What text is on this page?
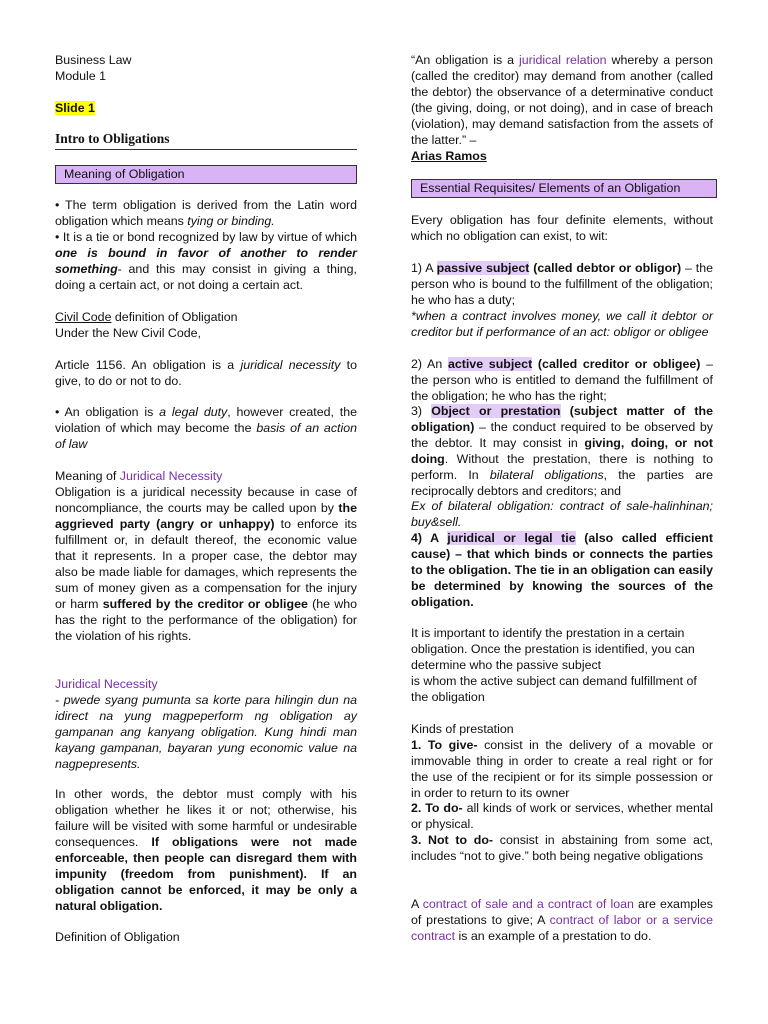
Business Law

Module 1

Slide 1

Intro to Obligations

Meaning of Obligation

• The term obligation is derived from the Latin word obligation which means tying or binding.

• It is a tie or bond recognized by law by virtue of which one is bound in favor of another to render something- and this may consist in giving a thing, doing a certain act, or not doing a certain act.

Civil Code definition of Obligation

Under the New Civil Code,

Article 1156. An obligation is a juridical necessity to give, to do or not to do.

• An obligation is a legal duty, however created, the violation of which may become the basis of an action of law

Meaning of Juridical Necessity

Obligation is a juridical necessity because in case of noncompliance, the courts may be called upon by the aggrieved party (angry or unhappy) to enforce its fulfillment or, in default thereof, the economic value that it represents. In a proper case, the debtor may also be made liable for damages, which represents the sum of money given as a compensation for the injury or harm suffered by the creditor or obligee (he who has the right to the performance of the obligation) for the violation of his rights.

Juridical Necessity

- pwede syang pumunta sa korte para hilingin dun na idirect na yung magpeperform ng obligation ay gampanan ang kanyang obligation. Kung hindi man kayang gampanan, bayaran yung economic value na nagpepresents.

In other words, the debtor must comply with his obligation whether he likes it or not; otherwise, his failure will be visited with some harmful or undesirable consequences. If obligations were not made enforceable, then people can disregard them with impunity (freedom from punishment). If an obligation cannot be enforced, it may be only a natural obligation.

Definition of Obligation

“An obligation is a juridical relation whereby a person (called the creditor) may demand from another (called the debtor) the observance of a determinative conduct (the giving, doing, or not doing), and in case of breach (violation), may demand satisfaction from the assets of the latter.” –

Arias Ramos

Essential Requisites/ Elements of an Obligation

Every obligation has four definite elements, without which no obligation can exist, to wit:

1) A passive subject (called debtor or obligor) – the person who is bound to the fulfillment of the obligation; he who has a duty;

*when a contract involves money, we call it debtor or creditor but if performance of an act: obligor or obligee

2) An active subject (called creditor or obligee) – the person who is entitled to demand the fulfillment of the obligation; he who has the right;

3) Object or prestation (subject matter of the obligation) – the conduct required to be observed by the debtor. It may consist in giving, doing, or not doing. Without the prestation, there is nothing to perform. In bilateral obligations, the parties are reciprocally debtors and creditors; and

Ex of bilateral obligation: contract of sale-halinhinan; buy&sell.

4) A juridical or legal tie (also called efficient cause) – that which binds or connects the parties to the obligation. The tie in an obligation can easily be determined by knowing the sources of the obligation.

It is important to identify the prestation in a certain obligation. Once the prestation is identified, you can determine who the passive subject

is whom the active subject can demand fulfillment of the obligation

Kinds of prestation

1. To give- consist in the delivery of a movable or immovable thing in order to create a real right or for the use of the recipient or for its simple possession or in order to return to its owner

2. To do- all kinds of work or services, whether mental or physical.

3. Not to do- consist in abstaining from some act, includes “not to give.” both being negative obligations

A contract of sale and a contract of loan are examples of prestations to give; A contract of labor or a service contract is an example of a prestation to do.
